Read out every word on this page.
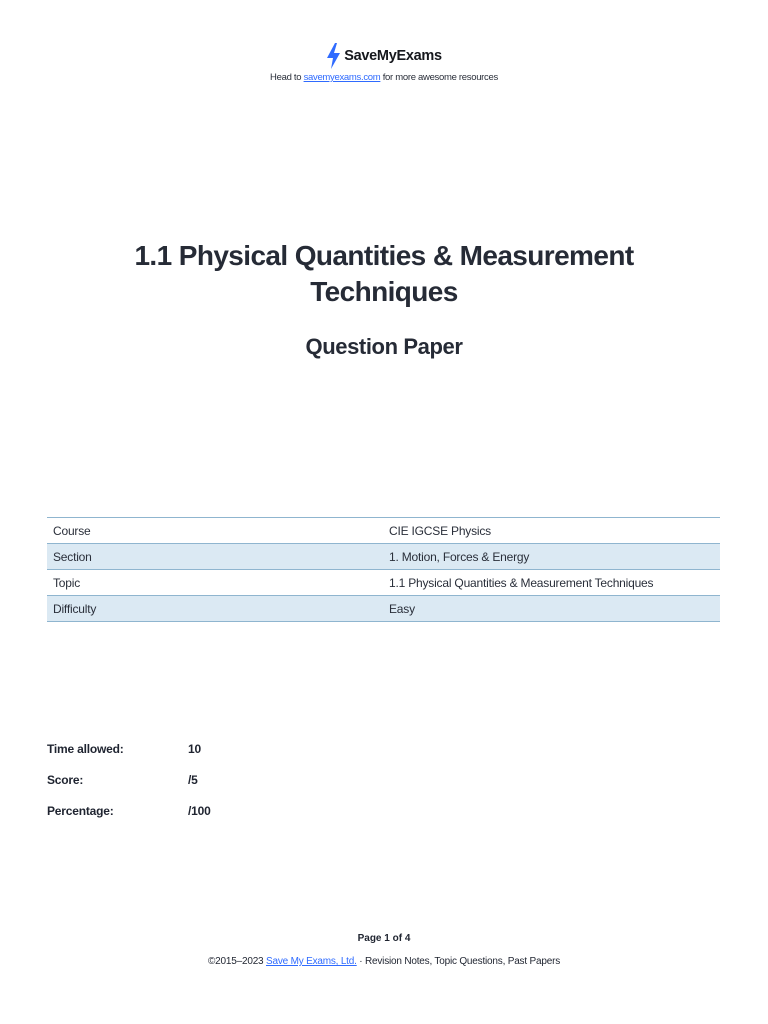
SaveMyExams
Head to savemyexams.com for more awesome resources
1.1 Physical Quantities & Measurement Techniques
Question Paper
Course	CIE IGCSE Physics
Section	1. Motion, Forces & Energy
Topic	1.1 Physical Quantities & Measurement Techniques
Difficulty	Easy
Time allowed:	10
Score:	/5
Percentage:	/100
Page 1 of 4
©2015–2023 Save My Exams, Ltd. · Revision Notes, Topic Questions, Past Papers
